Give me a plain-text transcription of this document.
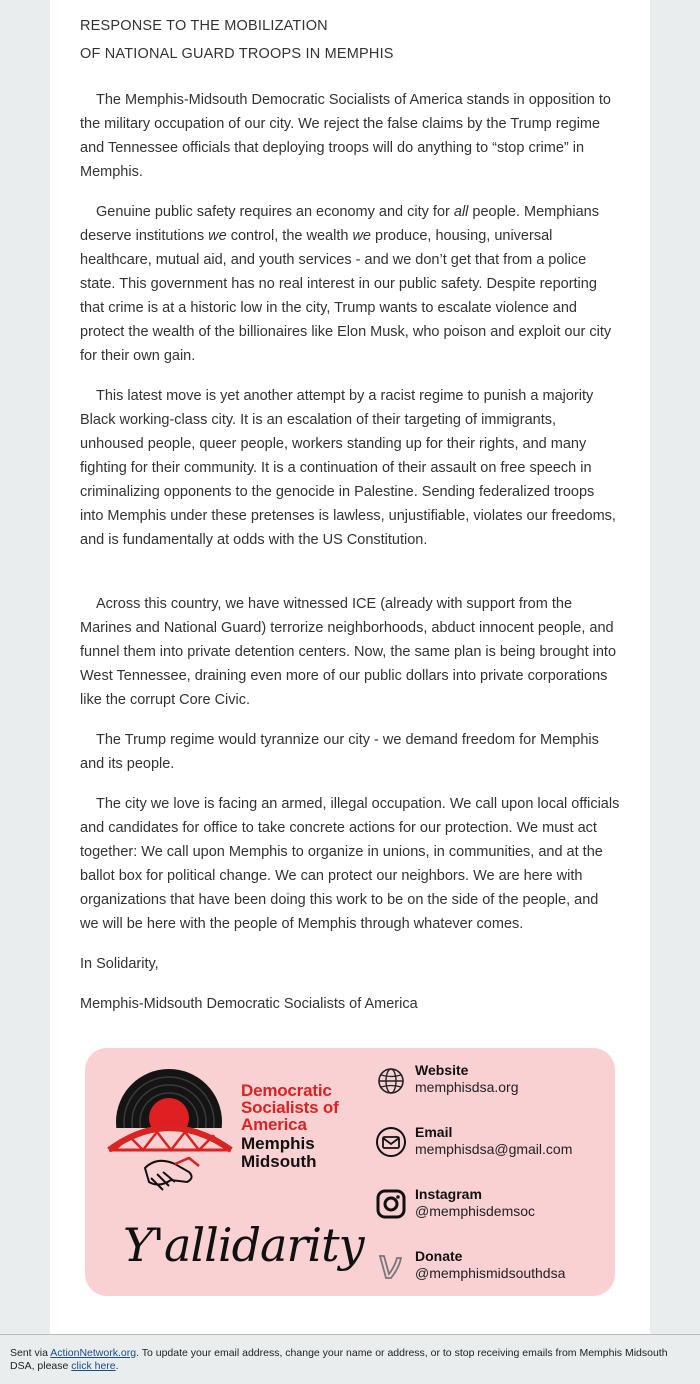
RESPONSE TO THE MOBILIZATION
OF NATIONAL GUARD TROOPS IN MEMPHIS

The Memphis-Midsouth Democratic Socialists of America stands in opposition to the military occupation of our city. We reject the false claims by the Trump regime and Tennessee officials that deploying troops will do anything to “stop crime” in Memphis.

Genuine public safety requires an economy and city for all people. Memphians deserve institutions we control, the wealth we produce, housing, universal healthcare, mutual aid, and youth services - and we don’t get that from a police state. This government has no real interest in our public safety. Despite reporting that crime is at a historic low in the city, Trump wants to escalate violence and protect the wealth of the billionaires like Elon Musk, who poison and exploit our city for their own gain.

This latest move is yet another attempt by a racist regime to punish a majority Black working-class city. It is an escalation of their targeting of immigrants, unhoused people, queer people, workers standing up for their rights, and many fighting for their community. It is a continuation of their assault on free speech in criminalizing opponents to the genocide in Palestine. Sending federalized troops into Memphis under these pretenses is lawless, unjustifiable, violates our freedoms, and is fundamentally at odds with the US Constitution.

Across this country, we have witnessed ICE (already with support from the Marines and National Guard) terrorize neighborhoods, abduct innocent people, and funnel them into private detention centers. Now, the same plan is being brought into West Tennessee, draining even more of our public dollars into private corporations like the corrupt Core Civic.

The Trump regime would tyrannize our city - we demand freedom for Memphis and its people.

The city we love is facing an armed, illegal occupation. We call upon local officials and candidates for office to take concrete actions for our protection. We must act together: We call upon Memphis to organize in unions, in communities, and at the ballot box for political change. We can protect our neighbors. We are here with organizations that have been doing this work to be on the side of the people, and we will be here with the people of Memphis through whatever comes.

In Solidarity,

Memphis-Midsouth Democratic Socialists of America

Democratic
Socialists of
America
Memphis
Midsouth
Y'allidarity
Website
memphisdsa.org
Email
memphisdsa@gmail.com
Instagram
@memphisdemsoc
Donate
@memphismidsouthdsa
Sent via ActionNetwork.org. To update your email address, change your name or address, or to stop receiving emails from Memphis Midsouth DSA, please click here.
